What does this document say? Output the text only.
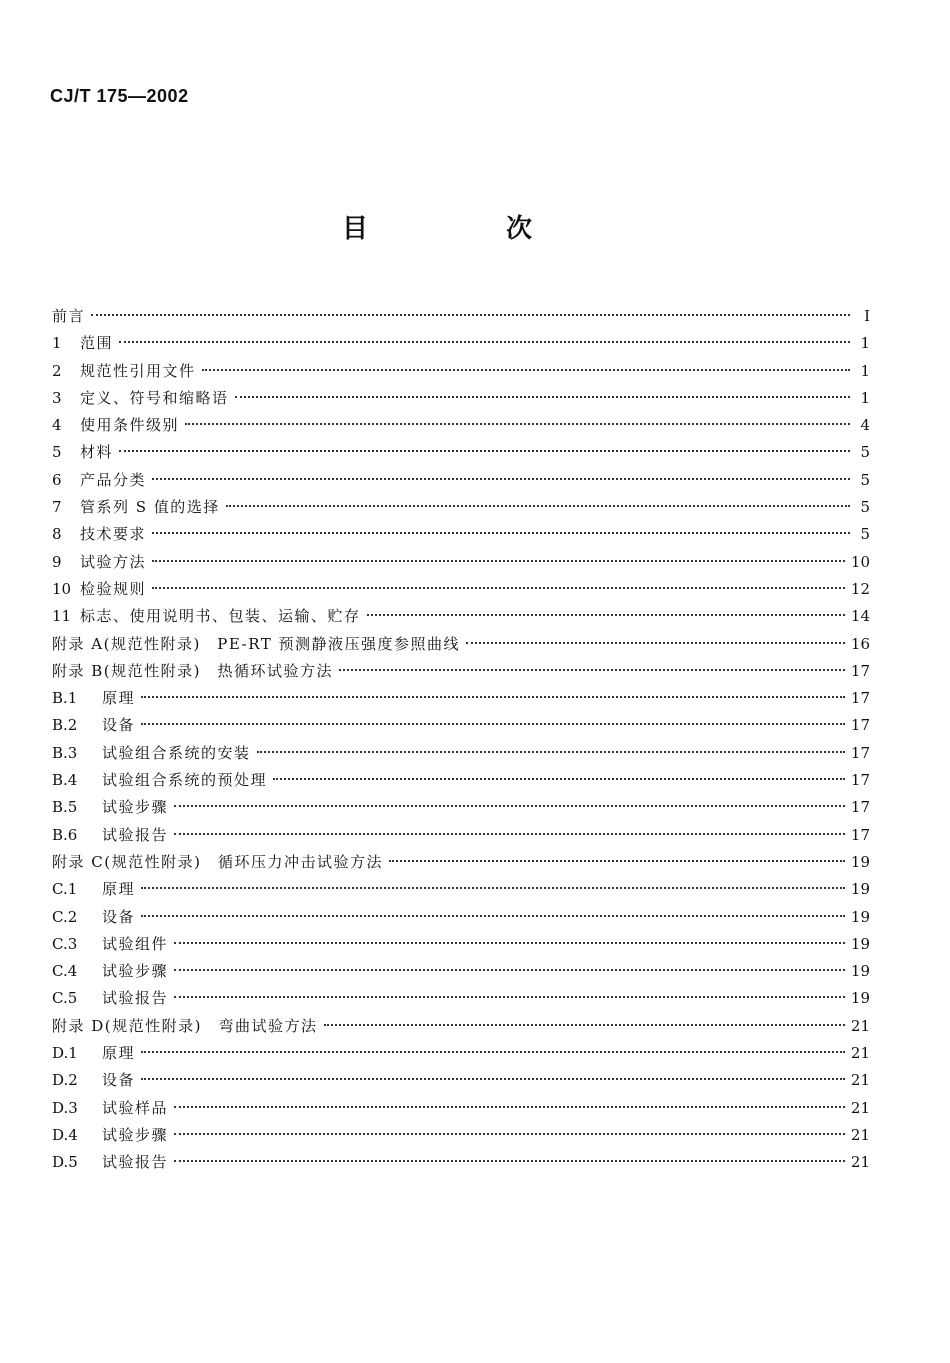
CJ/T 175—2002
目　次
前言	Ⅰ
1	范围	1
2	规范性引用文件	1
3	定义、符号和缩略语	1
4	使用条件级别	4
5	材料	5
6	产品分类	5
7	管系列 S 值的选择	5
8	技术要求	5
9	试验方法	10
10 检验规则	12
11 标志、使用说明书、包装、运输、贮存	14
附录 A(规范性附录)　PE-RT 预测静液压强度参照曲线	16
附录 B(规范性附录)　热循环试验方法	17
B.1	原理	17
B.2	设备	17
B.3	试验组合系统的安装	17
B.4	试验组合系统的预处理	17
B.5	试验步骤	17
B.6	试验报告	17
附录 C(规范性附录)　循环压力冲击试验方法	19
C.1	原理	19
C.2	设备	19
C.3	试验组件	19
C.4	试验步骤	19
C.5	试验报告	19
附录 D(规范性附录)　弯曲试验方法	21
D.1	原理	21
D.2	设备	21
D.3	试验样品	21
D.4	试验步骤	21
D.5	试验报告	21
